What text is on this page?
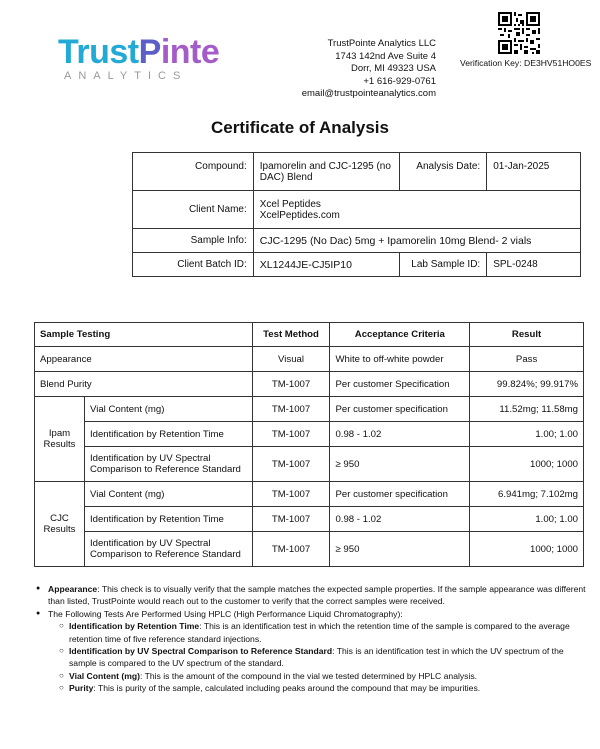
TrustPinte
ANALYTICS
TrustPointe Analytics LLC
1743 142nd Ave Suite 4
Dorr, MI 49323 USA
+1 616-929-0761
email@trustpointeanalytics.com
Verification Key: DE3HV51HO0ES
Certificate of Analysis
Compound:	Ipamorelin and CJC-1295 (no DAC) Blend	Analysis Date:	01-Jan-2025
Client Name:	Xcel Peptides
XcelPeptides.com		

Sample Info:	CJC-1295 (No Dac) 5mg + Ipamorelin 10mg Blend- 2 vials		
Client Batch ID:	XL1244JE-CJ5IP10	Lab Sample ID:	SPL-0248
Sample Testing		Test Method	Acceptance Criteria	Result
Appearance		Visual	White to off-white powder	Pass
Blend Purity		TM-1007	Per customer Specification	99.824%; 99.917%
Ipam Results	Vial Content (mg)	TM-1007	Per customer specification	11.52mg; 11.58mg
	Identification by Retention Time	TM-1007	0.98 - 1.02	1.00; 1.00
	Identification by UV Spectral Comparison to Reference Standard	TM-1007	≥ 950	1000; 1000
CJC Results	Vial Content (mg)	TM-1007	Per customer specification	6.941mg; 7.102mg
	Identification by Retention Time	TM-1007	0.98 - 1.02	1.00; 1.00
	Identification by UV Spectral Comparison to Reference Standard	TM-1007	≥ 950	1000; 1000
● Appearance: This check is to visually verify that the sample matches the expected sample properties. If the sample appearance was different than listed, TrustPointe would reach out to the customer to verify that the correct samples were received.
● The Following Tests Are Performed Using HPLC (High Performance Liquid Chromatography):
○ Identification by Retention Time: This is an identification test in which the retention time of the sample is compared to the average retention time of five reference standard injections.
○ Identification by UV Spectral Comparison to Reference Standard: This is an identification test in which the UV spectrum of the sample is compared to the UV spectrum of the standard.
○ Vial Content (mg): This is the amount of the compound in the vial we tested determined by HPLC analysis.
○ Purity: This is purity of the sample, calculated including peaks around the compound that may be impurities.
